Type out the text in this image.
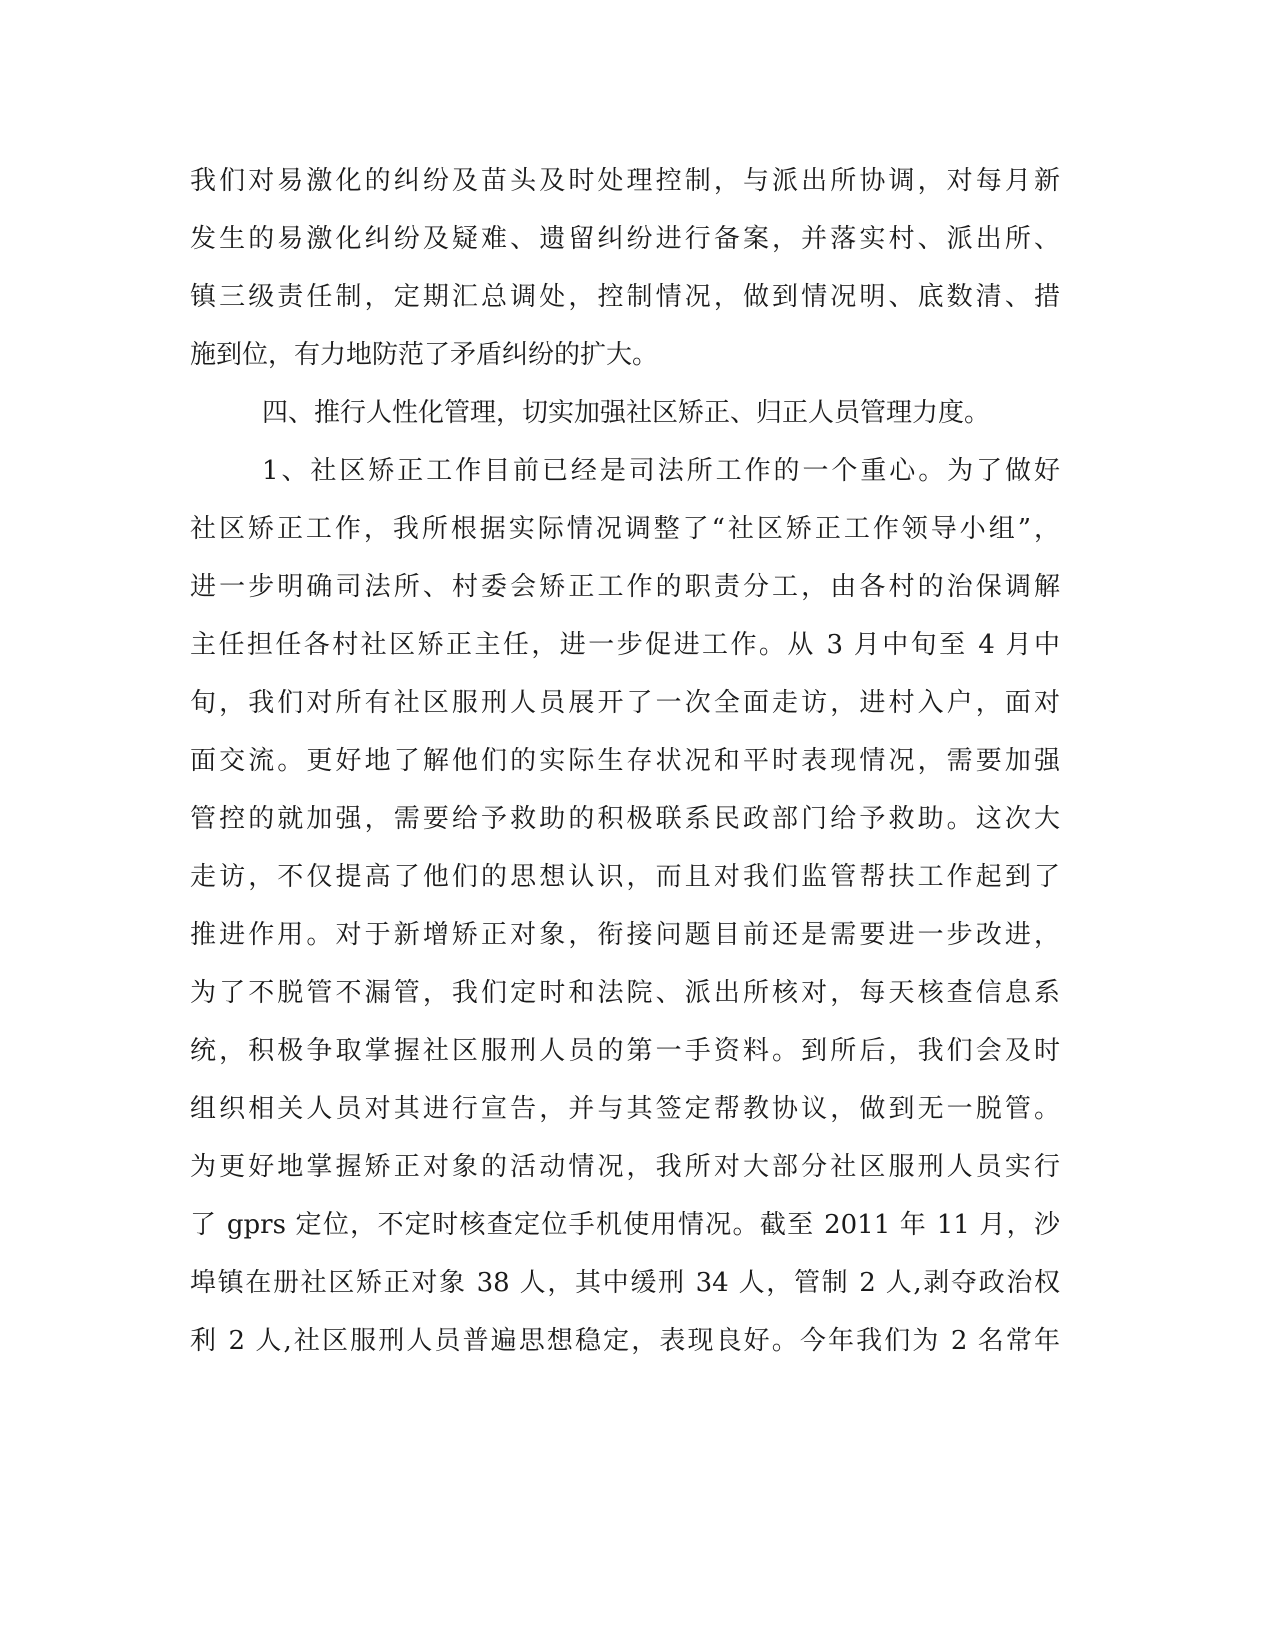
我们对易激化的纠纷及苗头及时处理控制，与派出所协调，对每月新
发生的易激化纠纷及疑难、遗留纠纷进行备案，并落实村、派出所、
镇三级责任制，定期汇总调处，控制情况，做到情况明、底数清、措
施到位，有力地防范了矛盾纠纷的扩大。
四、推行人性化管理，切实加强社区矫正、归正人员管理力度。
1、社区矫正工作目前已经是司法所工作的一个重心。为了做好
社区矫正工作，我所根据实际情况调整了“社区矫正工作领导小组”，
进一步明确司法所、村委会矫正工作的职责分工，由各村的治保调解
主任担任各村社区矫正主任，进一步促进工作。从 3 月中旬至 4 月中
旬，我们对所有社区服刑人员展开了一次全面走访，进村入户，面对
面交流。更好地了解他们的实际生存状况和平时表现情况，需要加强
管控的就加强，需要给予救助的积极联系民政部门给予救助。这次大
走访，不仅提高了他们的思想认识，而且对我们监管帮扶工作起到了
推进作用。对于新增矫正对象，衔接问题目前还是需要进一步改进，
为了不脱管不漏管，我们定时和法院、派出所核对，每天核查信息系
统，积极争取掌握社区服刑人员的第一手资料。到所后，我们会及时
组织相关人员对其进行宣告，并与其签定帮教协议，做到无一脱管。
为更好地掌握矫正对象的活动情况，我所对大部分社区服刑人员实行
了 gprs 定位，不定时核查定位手机使用情况。截至 2011 年 11 月，沙
埠镇在册社区矫正对象 38 人，其中缓刑 34 人，管制 2 人,剥夺政治权
利 2 人,社区服刑人员普遍思想稳定，表现良好。今年我们为 2 名常年
